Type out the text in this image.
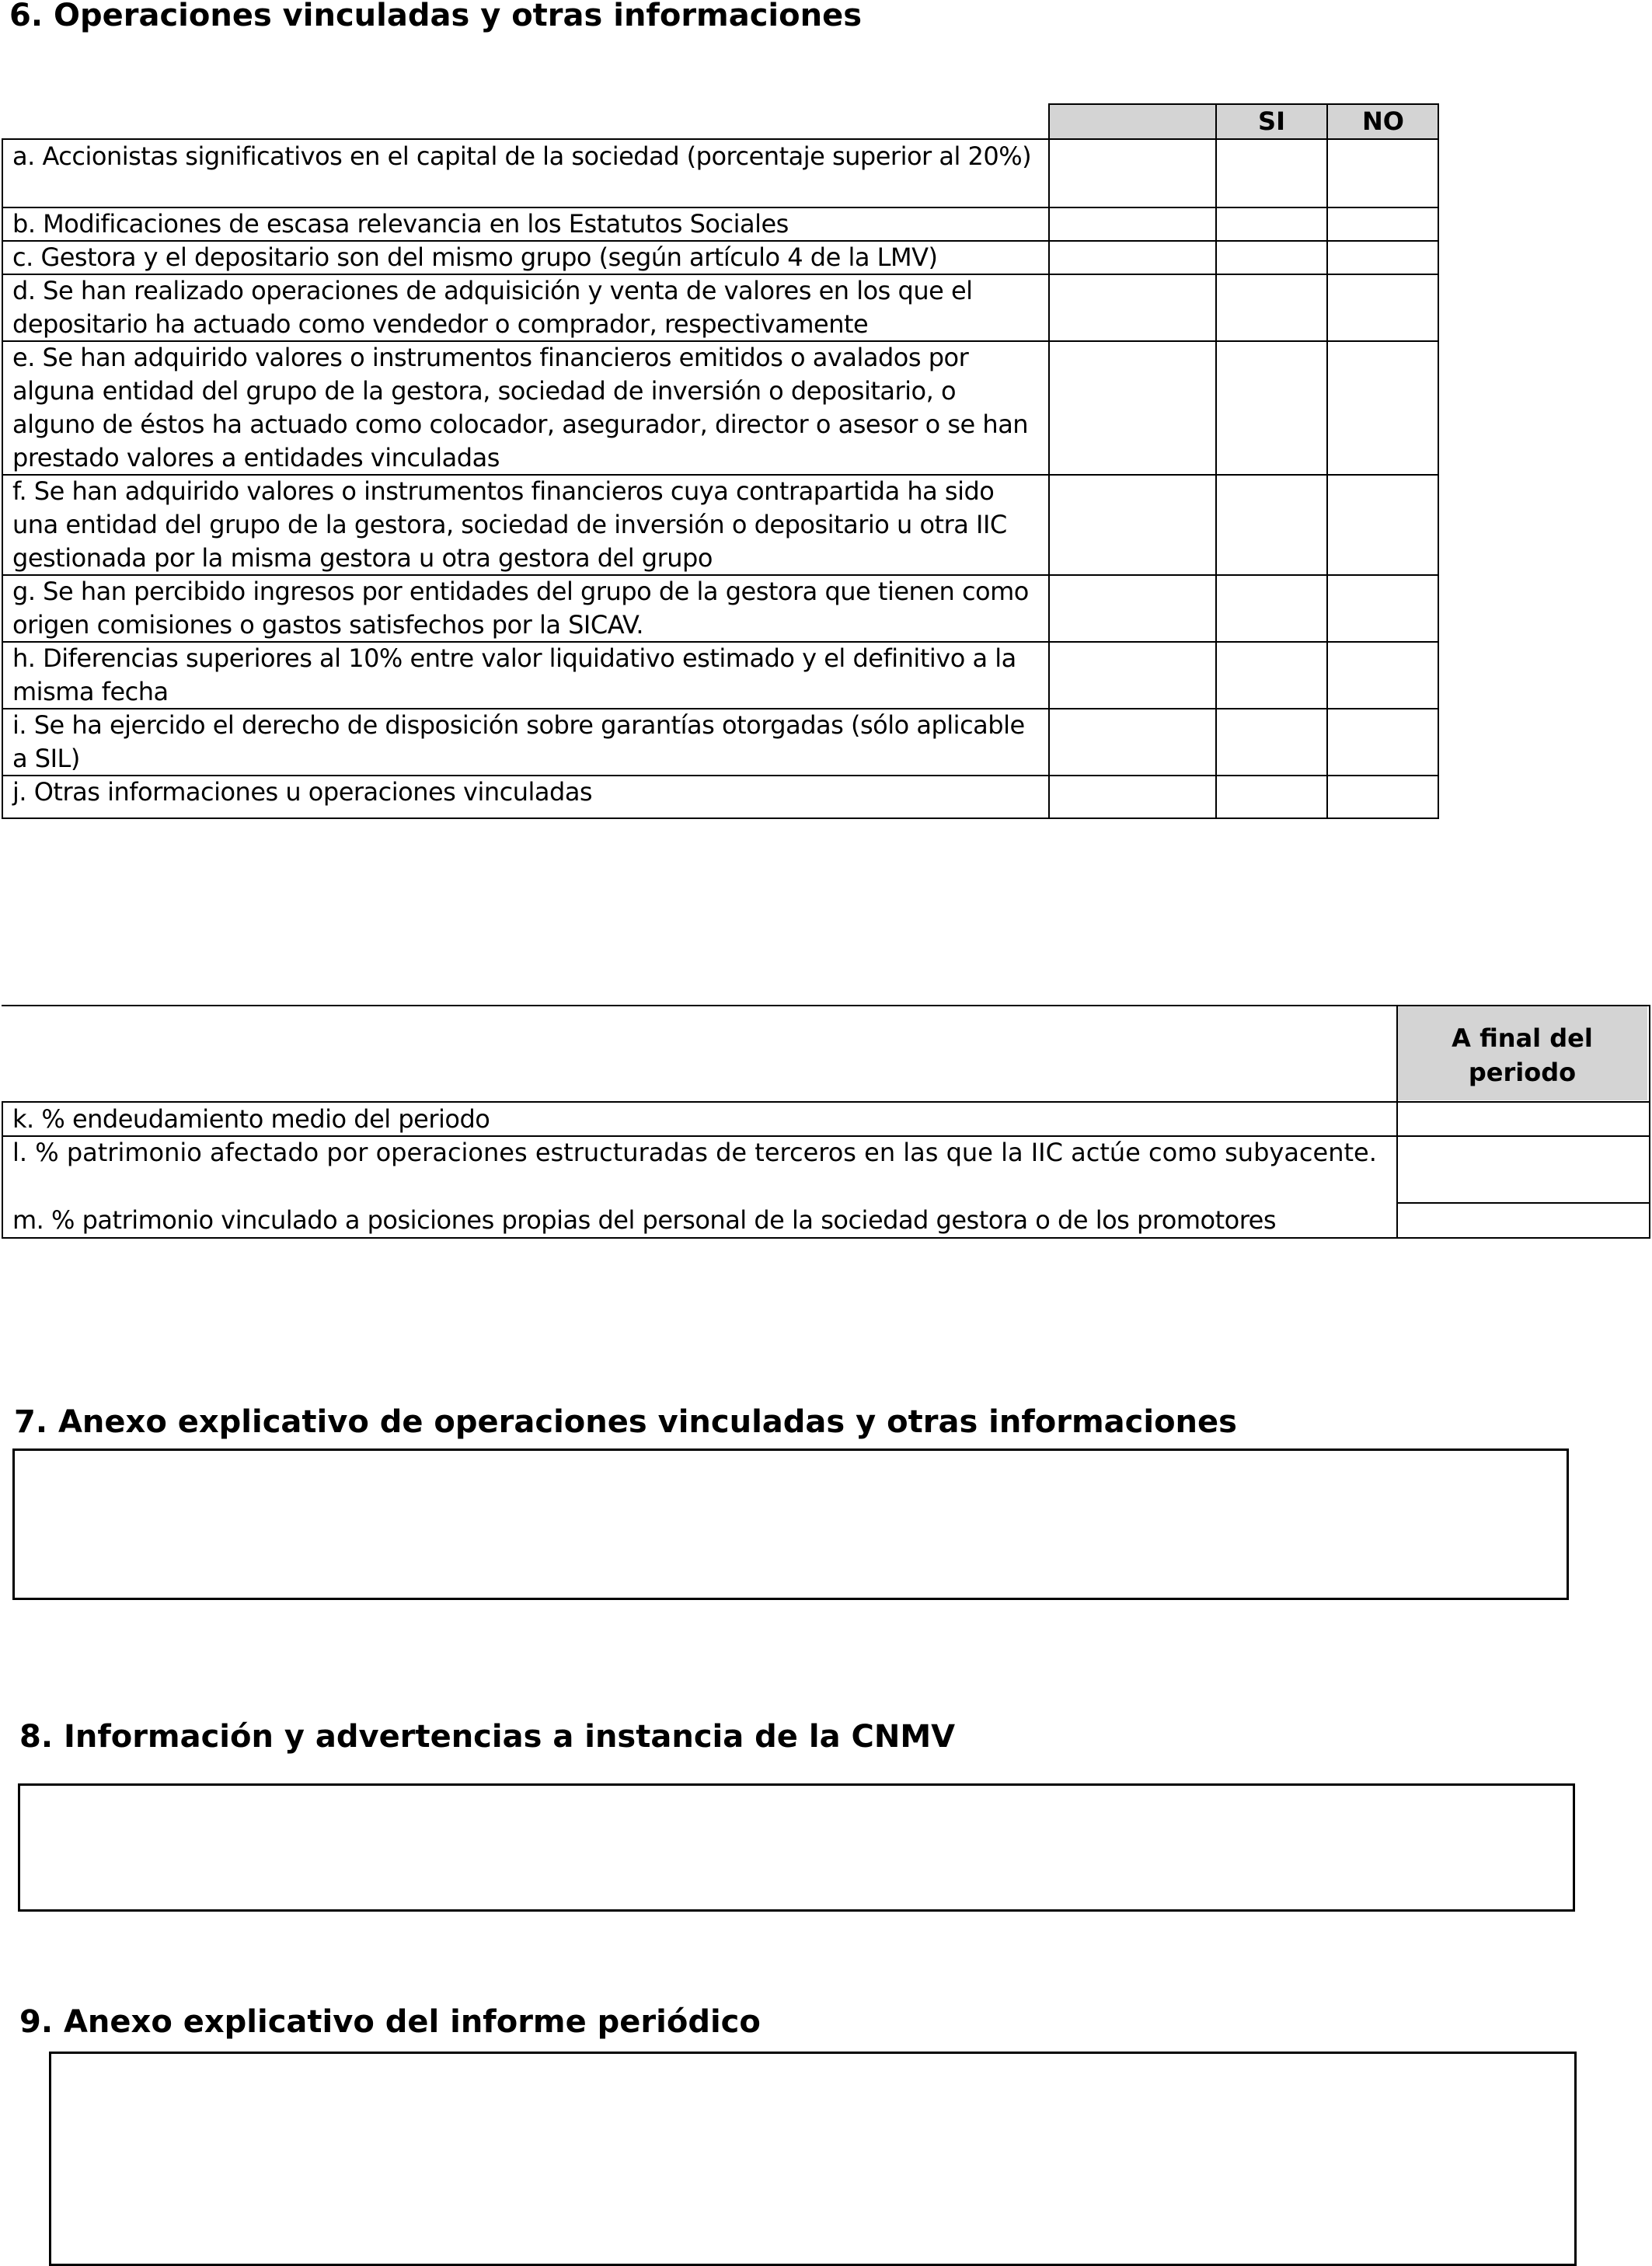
6. Operaciones vinculadas y otras informaciones
SI	NO
a. Accionistas significativos en el capital de la sociedad (porcentaje superior al 20%)
b. Modificaciones de escasa relevancia en los Estatutos Sociales
c. Gestora y el depositario son del mismo grupo (según artículo 4 de la LMV)
d. Se han realizado operaciones de adquisición y venta de valores en los que el depositario ha actuado como vendedor o comprador, respectivamente
e. Se han adquirido valores o instrumentos financieros emitidos o avalados por alguna entidad del grupo de la gestora, sociedad de inversión o depositario, o alguno de éstos ha actuado como colocador, asegurador, director o asesor o se han prestado valores a entidades vinculadas
f. Se han adquirido valores o instrumentos financieros cuya contrapartida ha sido una entidad del grupo de la gestora, sociedad de inversión o depositario u otra IIC gestionada por la misma gestora u otra gestora del grupo
g. Se han percibido ingresos por entidades del grupo de la gestora que tienen como origen comisiones o gastos satisfechos por la SICAV.
h. Diferencias superiores al 10% entre valor liquidativo estimado y el definitivo a la misma fecha
i. Se ha ejercido el derecho de disposición sobre garantías otorgadas (sólo aplicable a SIL)
j. Otras informaciones u operaciones vinculadas
A final del periodo
k. % endeudamiento medio del periodo
l. % patrimonio afectado por operaciones estructuradas de terceros en las que la IIC actúe como subyacente.
m. % patrimonio vinculado a posiciones propias del personal de la sociedad gestora o de los promotores
7. Anexo explicativo de operaciones vinculadas y otras informaciones
8. Información y advertencias a instancia de la CNMV
9. Anexo explicativo del informe periódico
